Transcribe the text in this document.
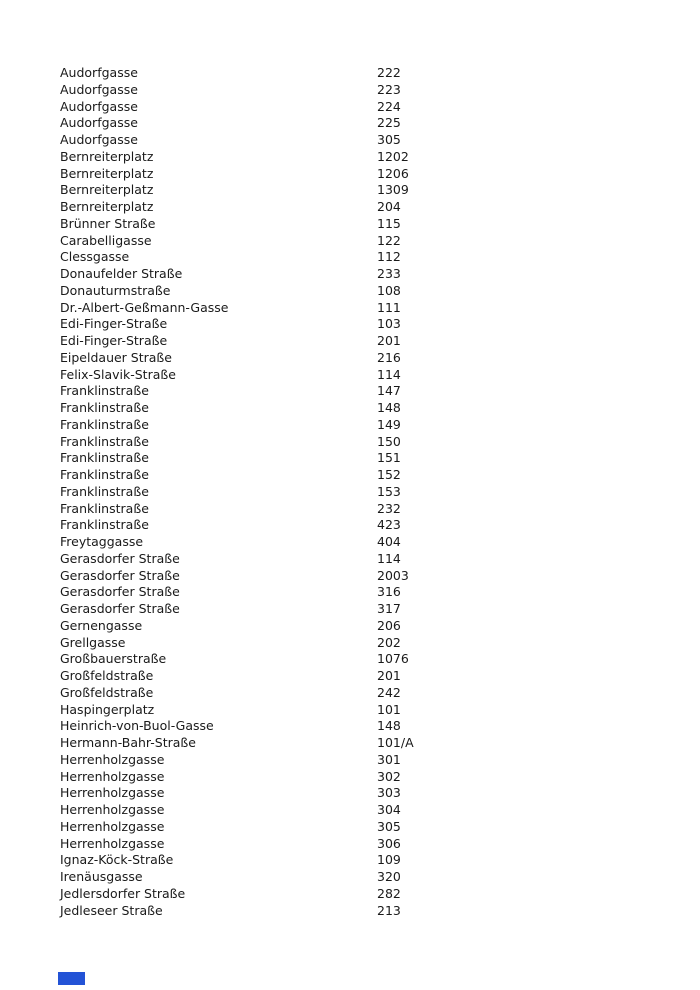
Audorfgasse	222
Audorfgasse	223
Audorfgasse	224
Audorfgasse	225
Audorfgasse	305
Bernreiterplatz	1202
Bernreiterplatz	1206
Bernreiterplatz	1309
Bernreiterplatz	204
Brünner Straße	115
Carabelligasse	122
Clessgasse	112
Donaufelder Straße	233
Donauturmstraße	108
Dr.-Albert-Geßmann-Gasse	111
Edi-Finger-Straße	103
Edi-Finger-Straße	201
Eipeldauer Straße	216
Felix-Slavik-Straße	114
Franklinstraße	147
Franklinstraße	148
Franklinstraße	149
Franklinstraße	150
Franklinstraße	151
Franklinstraße	152
Franklinstraße	153
Franklinstraße	232
Franklinstraße	423
Freytaggasse	404
Gerasdorfer Straße	114
Gerasdorfer Straße	2003
Gerasdorfer Straße	316
Gerasdorfer Straße	317
Gernengasse	206
Grellgasse	202
Großbauerstraße	1076
Großfeldstraße	201
Großfeldstraße	242
Haspingerplatz	101
Heinrich-von-Buol-Gasse	148
Hermann-Bahr-Straße	101/A
Herrenholzgasse	301
Herrenholzgasse	302
Herrenholzgasse	303
Herrenholzgasse	304
Herrenholzgasse	305
Herrenholzgasse	306
Ignaz-Köck-Straße	109
Irenäusgasse	320
Jedlersdorfer Straße	282
Jedleseer Straße	213
